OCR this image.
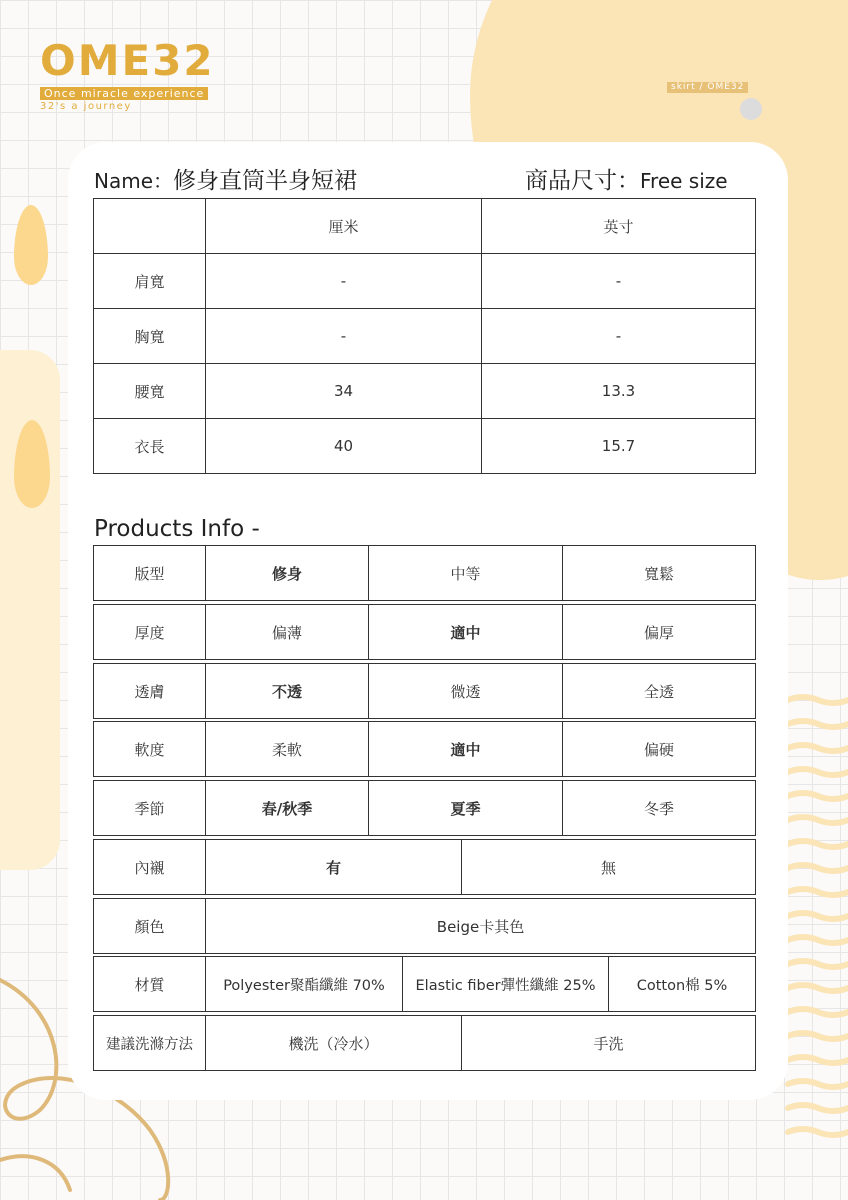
OME32
Once miracle experience
32's a journey
skirt / OME32
Name：修身直筒半身短裙	商品尺寸：Free size
	厘米	英寸
肩寬	-	-
胸寬	-	-
腰寬	34	13.3
衣長	40	15.7
Products Info -
版型	修身	中等	寬鬆
厚度	偏薄	適中	偏厚
透膚	不透	微透	全透
軟度	柔軟	適中	偏硬
季節	春/秋季	夏季	冬季
內襯	有	無
顏色	Beige卡其色
材質	Polyester聚酯纖維 70%	Elastic fiber彈性纖維 25%	Cotton棉 5%
建議洗滌方法	機洗（冷水）	手洗
